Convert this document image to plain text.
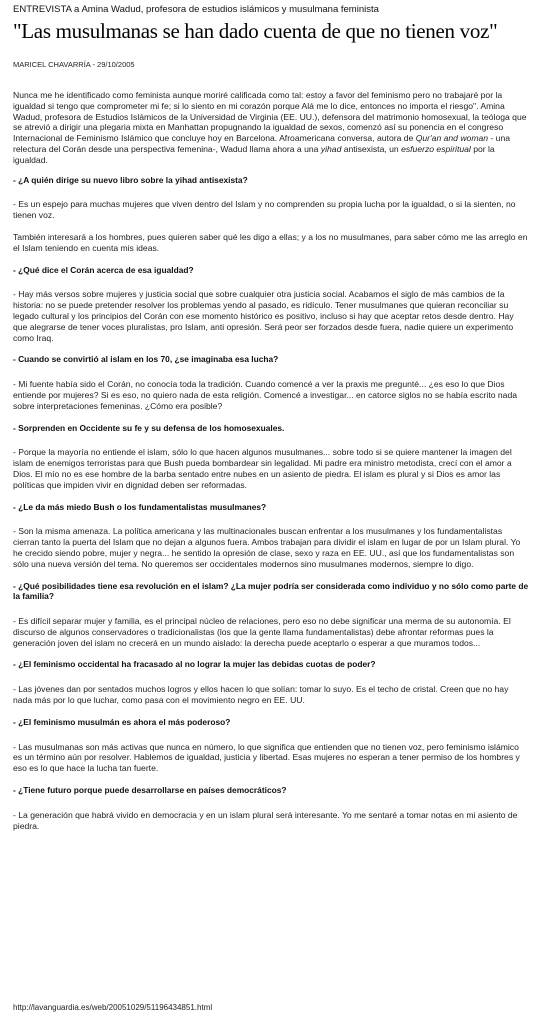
ENTREVISTA a Amina Wadud, profesora de estudios islámicos y musulmana feminista
"Las musulmanas se han dado cuenta de que no tienen voz"
MARICEL CHAVARRÍA - 29/10/2005

Nunca me he identificado como feminista aunque moriré calificada como tal: estoy a favor del feminismo pero no trabajaré por la igualdad si tengo que comprometer mi fe; si lo siento en mi corazón porque Alá me lo dice, entonces no importa el riesgo". Amina Wadud, profesora de Estudios Islámicos de la Universidad de Virginia (EE. UU.), defensora del matrimonio homosexual, la teóloga que se atrevió a dirigir una plegaria mixta en Manhattan propugnando la igualdad de sexos, comenzó así su ponencia en el congreso Internacional de Feminismo Islámico que concluye hoy en Barcelona. Afroamericana conversa, autora de Qur'an and woman - una relectura del Corán desde una perspectiva femenina-, Wadud llama ahora a una yihad antisexista, un esfuerzo espiritual por la igualdad.

- ¿A quién dirige su nuevo libro sobre la yihad antisexista?

- Es un espejo para muchas mujeres que viven dentro del Islam y no comprenden su propia lucha por la igualdad, o si la sienten, no tienen voz.

También interesará a los hombres, pues quieren saber qué les digo a ellas; y a los no musulmanes, para saber cómo me las arreglo en el Islam teniendo en cuenta mis ideas.

- ¿Qué dice el Corán acerca de esa igualdad?

- Hay más versos sobre mujeres y justicia social que sobre cualquier otra justicia social. Acabamos el siglo de más cambios de la historia: no se puede pretender resolver los problemas yendo al pasado, es ridículo. Tener musulmanes que quieran reconciliar su legado cultural y los principios del Corán con ese momento histórico es positivo, incluso si hay que aceptar retos desde dentro. Hay que alegrarse de tener voces pluralistas, pro Islam, anti opresión. Será peor ser forzados desde fuera, nadie quiere un experimento como Iraq.

- Cuando se convirtió al islam en los 70, ¿se imaginaba esa lucha?

- Mi fuente había sido el Corán, no conocía toda la tradición. Cuando comencé a ver la praxis me pregunté... ¿es eso lo que Dios entiende por mujeres? Si es eso, no quiero nada de esta religión. Comencé a investigar... en catorce siglos no se había escrito nada sobre interpretaciones femeninas. ¿Cómo era posible?

- Sorprenden en Occidente su fe y su defensa de los homosexuales.

- Porque la mayoría no entiende el islam, sólo lo que hacen algunos musulmanes... sobre todo si se quiere mantener la imagen del islam de enemigos terroristas para que Bush pueda bombardear sin legalidad. Mi padre era ministro metodista, crecí con el amor a Dios. El mío no es ese hombre de la barba sentado entre nubes en un asiento de piedra. El islam es plural y si Dios es amor las políticas que impiden vivir en dignidad deben ser reformadas.

- ¿Le da más miedo Bush o los fundamentalistas musulmanes?

- Son la misma amenaza. La política americana y las multinacionales buscan enfrentar a los musulmanes y los fundamentalistas cierran tanto la puerta del Islam que no dejan a algunos fuera. Ambos trabajan para dividir el islam en lugar de por un Islam plural. Yo he crecido siendo pobre, mujer y negra... he sentido la opresión de clase, sexo y raza en EE. UU., así que los fundamentalistas son sólo una nueva versión del tema. No queremos ser occidentales modernos sino musulmanes modernos, siempre lo digo.

- ¿Qué posibilidades tiene esa revolución en el islam? ¿La mujer podría ser considerada como individuo y no sólo como parte de la familia?

- Es difícil separar mujer y familia, es el principal núcleo de relaciones, pero eso no debe significar una merma de su autonomía. El discurso de algunos conservadores o tradicionalistas (los que la gente llama fundamentalistas) debe afrontar reformas pues la generación joven del islam no crecerá en un mundo aislado: la derecha puede aceptarlo o esperar a que muramos todos...

- ¿El feminismo occidental ha fracasado al no lograr la mujer las debidas cuotas de poder?

- Las jóvenes dan por sentados muchos logros y ellos hacen lo que solían: tomar lo suyo. Es el techo de cristal. Creen que no hay nada más por lo que luchar, como pasa con el movimiento negro en EE. UU.

- ¿El feminismo musulmán es ahora el más poderoso?

- Las musulmanas son más activas que nunca en número, lo que significa que entienden que no tienen voz, pero feminismo islámico es un término aún por resolver. Hablemos de igualdad, justicia y libertad. Esas mujeres no esperan a tener permiso de los hombres y eso es lo que hace la lucha tan fuerte.

- ¿Tiene futuro porque puede desarrollarse en países democráticos?

- La generación que habrá vivido en democracia y en un islam plural será interesante. Yo me sentaré a tomar notas en mi asiento de piedra.

http://lavanguardia.es/web/20051029/51196434851.html
